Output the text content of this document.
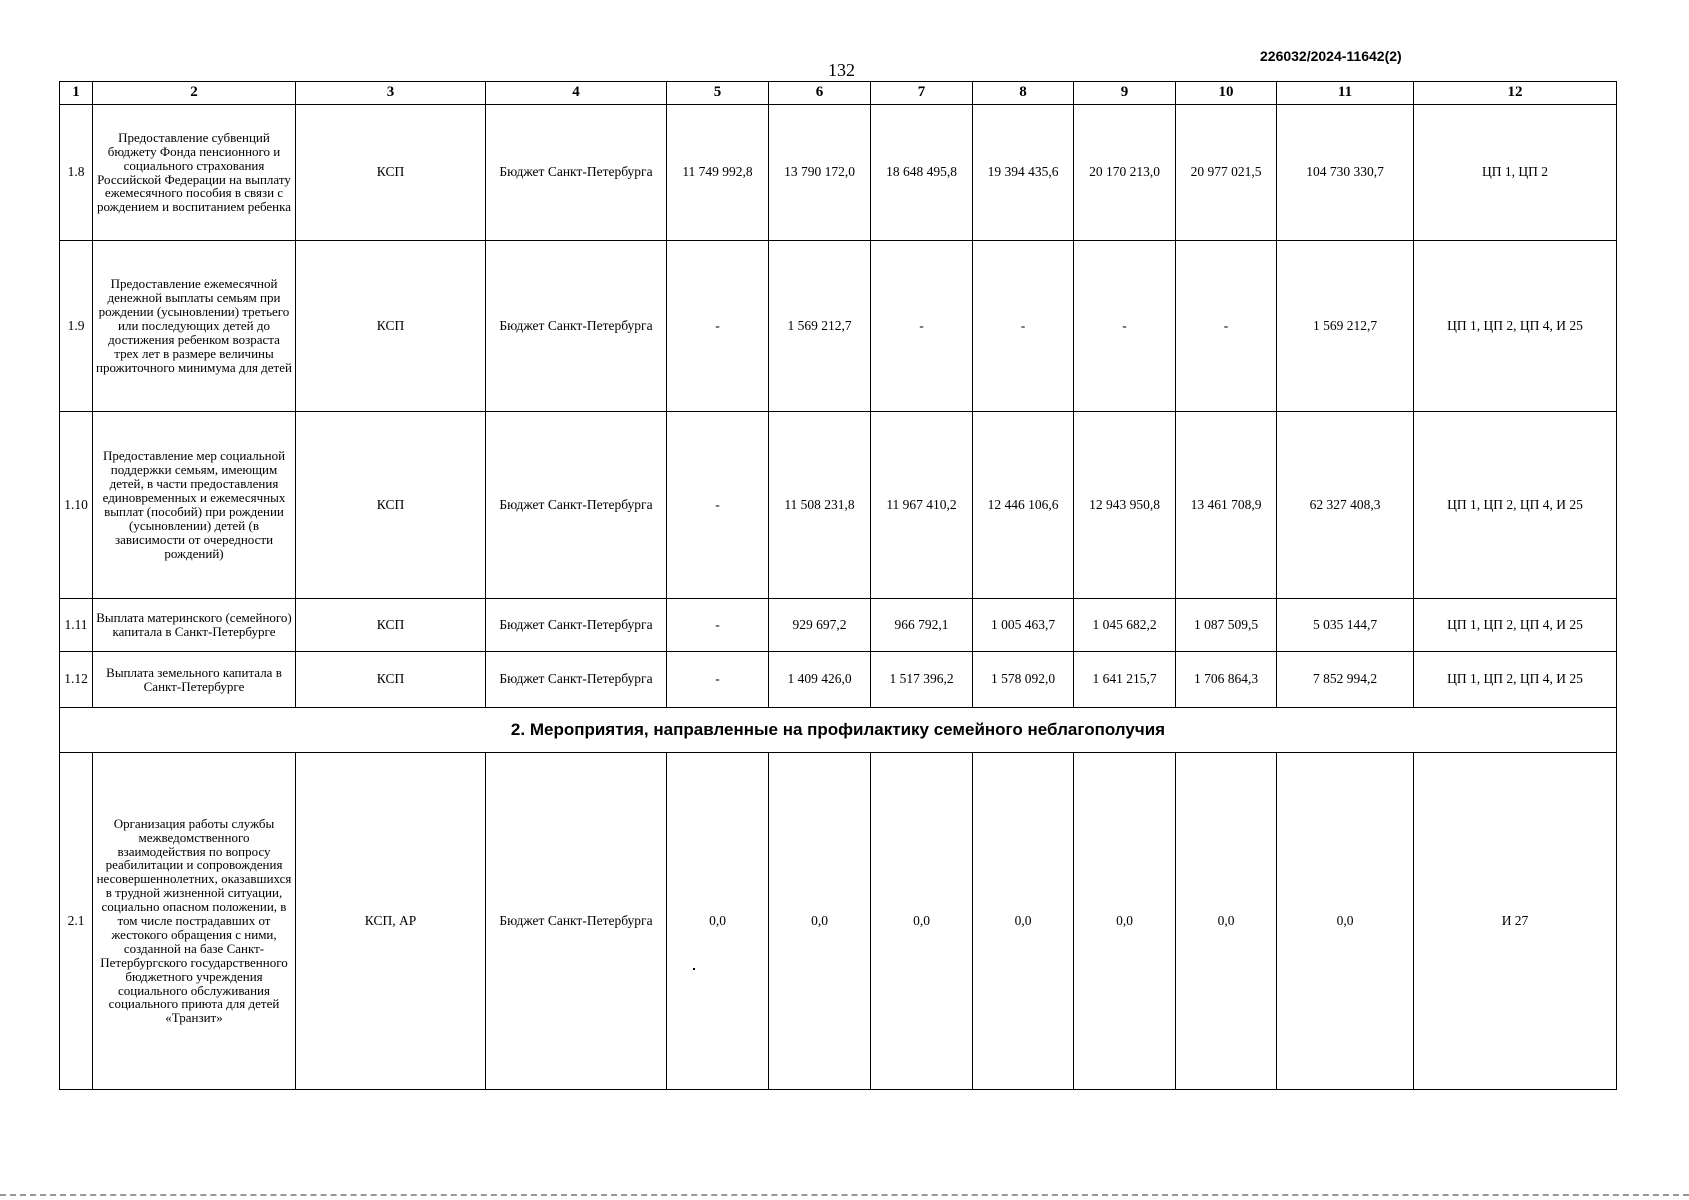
132
226032/2024-11642(2)
1	2	3	4	5	6	7	8	9	10	11	12
1.8	Предоставление субвенций бюджету Фонда пенсионного и социального страхования Российской Федерации на выплату ежемесячного пособия в связи с рождением и воспитанием ребенка	КСП	Бюджет Санкт-Петербурга	11 749 992,8	13 790 172,0	18 648 495,8	19 394 435,6	20 170 213,0	20 977 021,5	104 730 330,7	ЦП 1, ЦП 2
1.9	Предоставление ежемесячной денежной выплаты семьям при рождении (усыновлении) третьего или последующих детей до достижения ребенком возраста трех лет в размере величины прожиточного минимума для детей	КСП	Бюджет Санкт-Петербурга	-	1 569 212,7	-	-	-	-	1 569 212,7	ЦП 1, ЦП 2, ЦП 4, И 25
1.10	Предоставление мер социальной поддержки семьям, имеющим детей, в части предоставления единовременных и ежемесячных выплат (пособий) при рождении (усыновлении) детей (в зависимости от очередности рождений)	КСП	Бюджет Санкт-Петербурга	-	11 508 231,8	11 967 410,2	12 446 106,6	12 943 950,8	13 461 708,9	62 327 408,3	ЦП 1, ЦП 2, ЦП 4, И 25
1.11	Выплата материнского (семейного) капитала в Санкт-Петербурге	КСП	Бюджет Санкт-Петербурга	-	929 697,2	966 792,1	1 005 463,7	1 045 682,2	1 087 509,5	5 035 144,7	ЦП 1, ЦП 2, ЦП 4, И 25
1.12	Выплата земельного капитала в Санкт-Петербурге	КСП	Бюджет Санкт-Петербурга	-	1 409 426,0	1 517 396,2	1 578 092,0	1 641 215,7	1 706 864,3	7 852 994,2	ЦП 1, ЦП 2, ЦП 4, И 25
2. Мероприятия, направленные на профилактику семейного неблагополучия											
2.1	Организация работы службы межведомственного взаимодействия по вопросу реабилитации и сопровождения несовершеннолетних, оказавшихся в трудной жизненной ситуации, социально опасном положении, в том числе пострадавших от жестокого обращения с ними, созданной на базе Санкт-Петербургского государственного бюджетного учреждения социального обслуживания социального приюта для детей «Транзит»	КСП, АР	Бюджет Санкт-Петербурга	0,0	0,0	0,0	0,0	0,0	0,0	0,0	И 27
